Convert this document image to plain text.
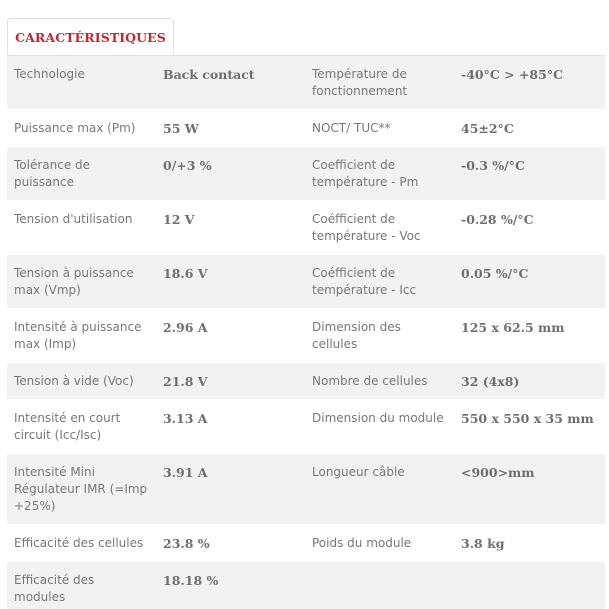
CARACTÉRISTIQUES
Technologie	Back contact	Température de fonctionnement	-40°C > +85°C

Puissance max (Pm)	55 W	NOCT/ TUC**	45±2°C

Tolérance de puissance	0/+3 %	Coefficient de température - Pm	-0.3 %/°C

Tension d'utilisation	12 V	Coéfficient de température - Voc	-0.28 %/°C

Tension à puissance max (Vmp)	18.6 V	Coéfficient de température - Icc	0.05 %/°C

Intensité à puissance max (Imp)	2.96 A	Dimension des cellules	125 x 62.5 mm

Tension à vide (Voc)	21.8 V	Nombre de cellules	32 (4x8)

Intensité en court circuit (Icc/Isc)	3.13 A	Dimension du module	550 x 550 x 35 mm

Intensité Mini Régulateur IMR (=Imp +25%)	3.91 A	Longueur câble	<900>mm

Efficacité des cellules	23.8 %	Poids du module	3.8 kg

Efficacité des modules	18.18 %		
